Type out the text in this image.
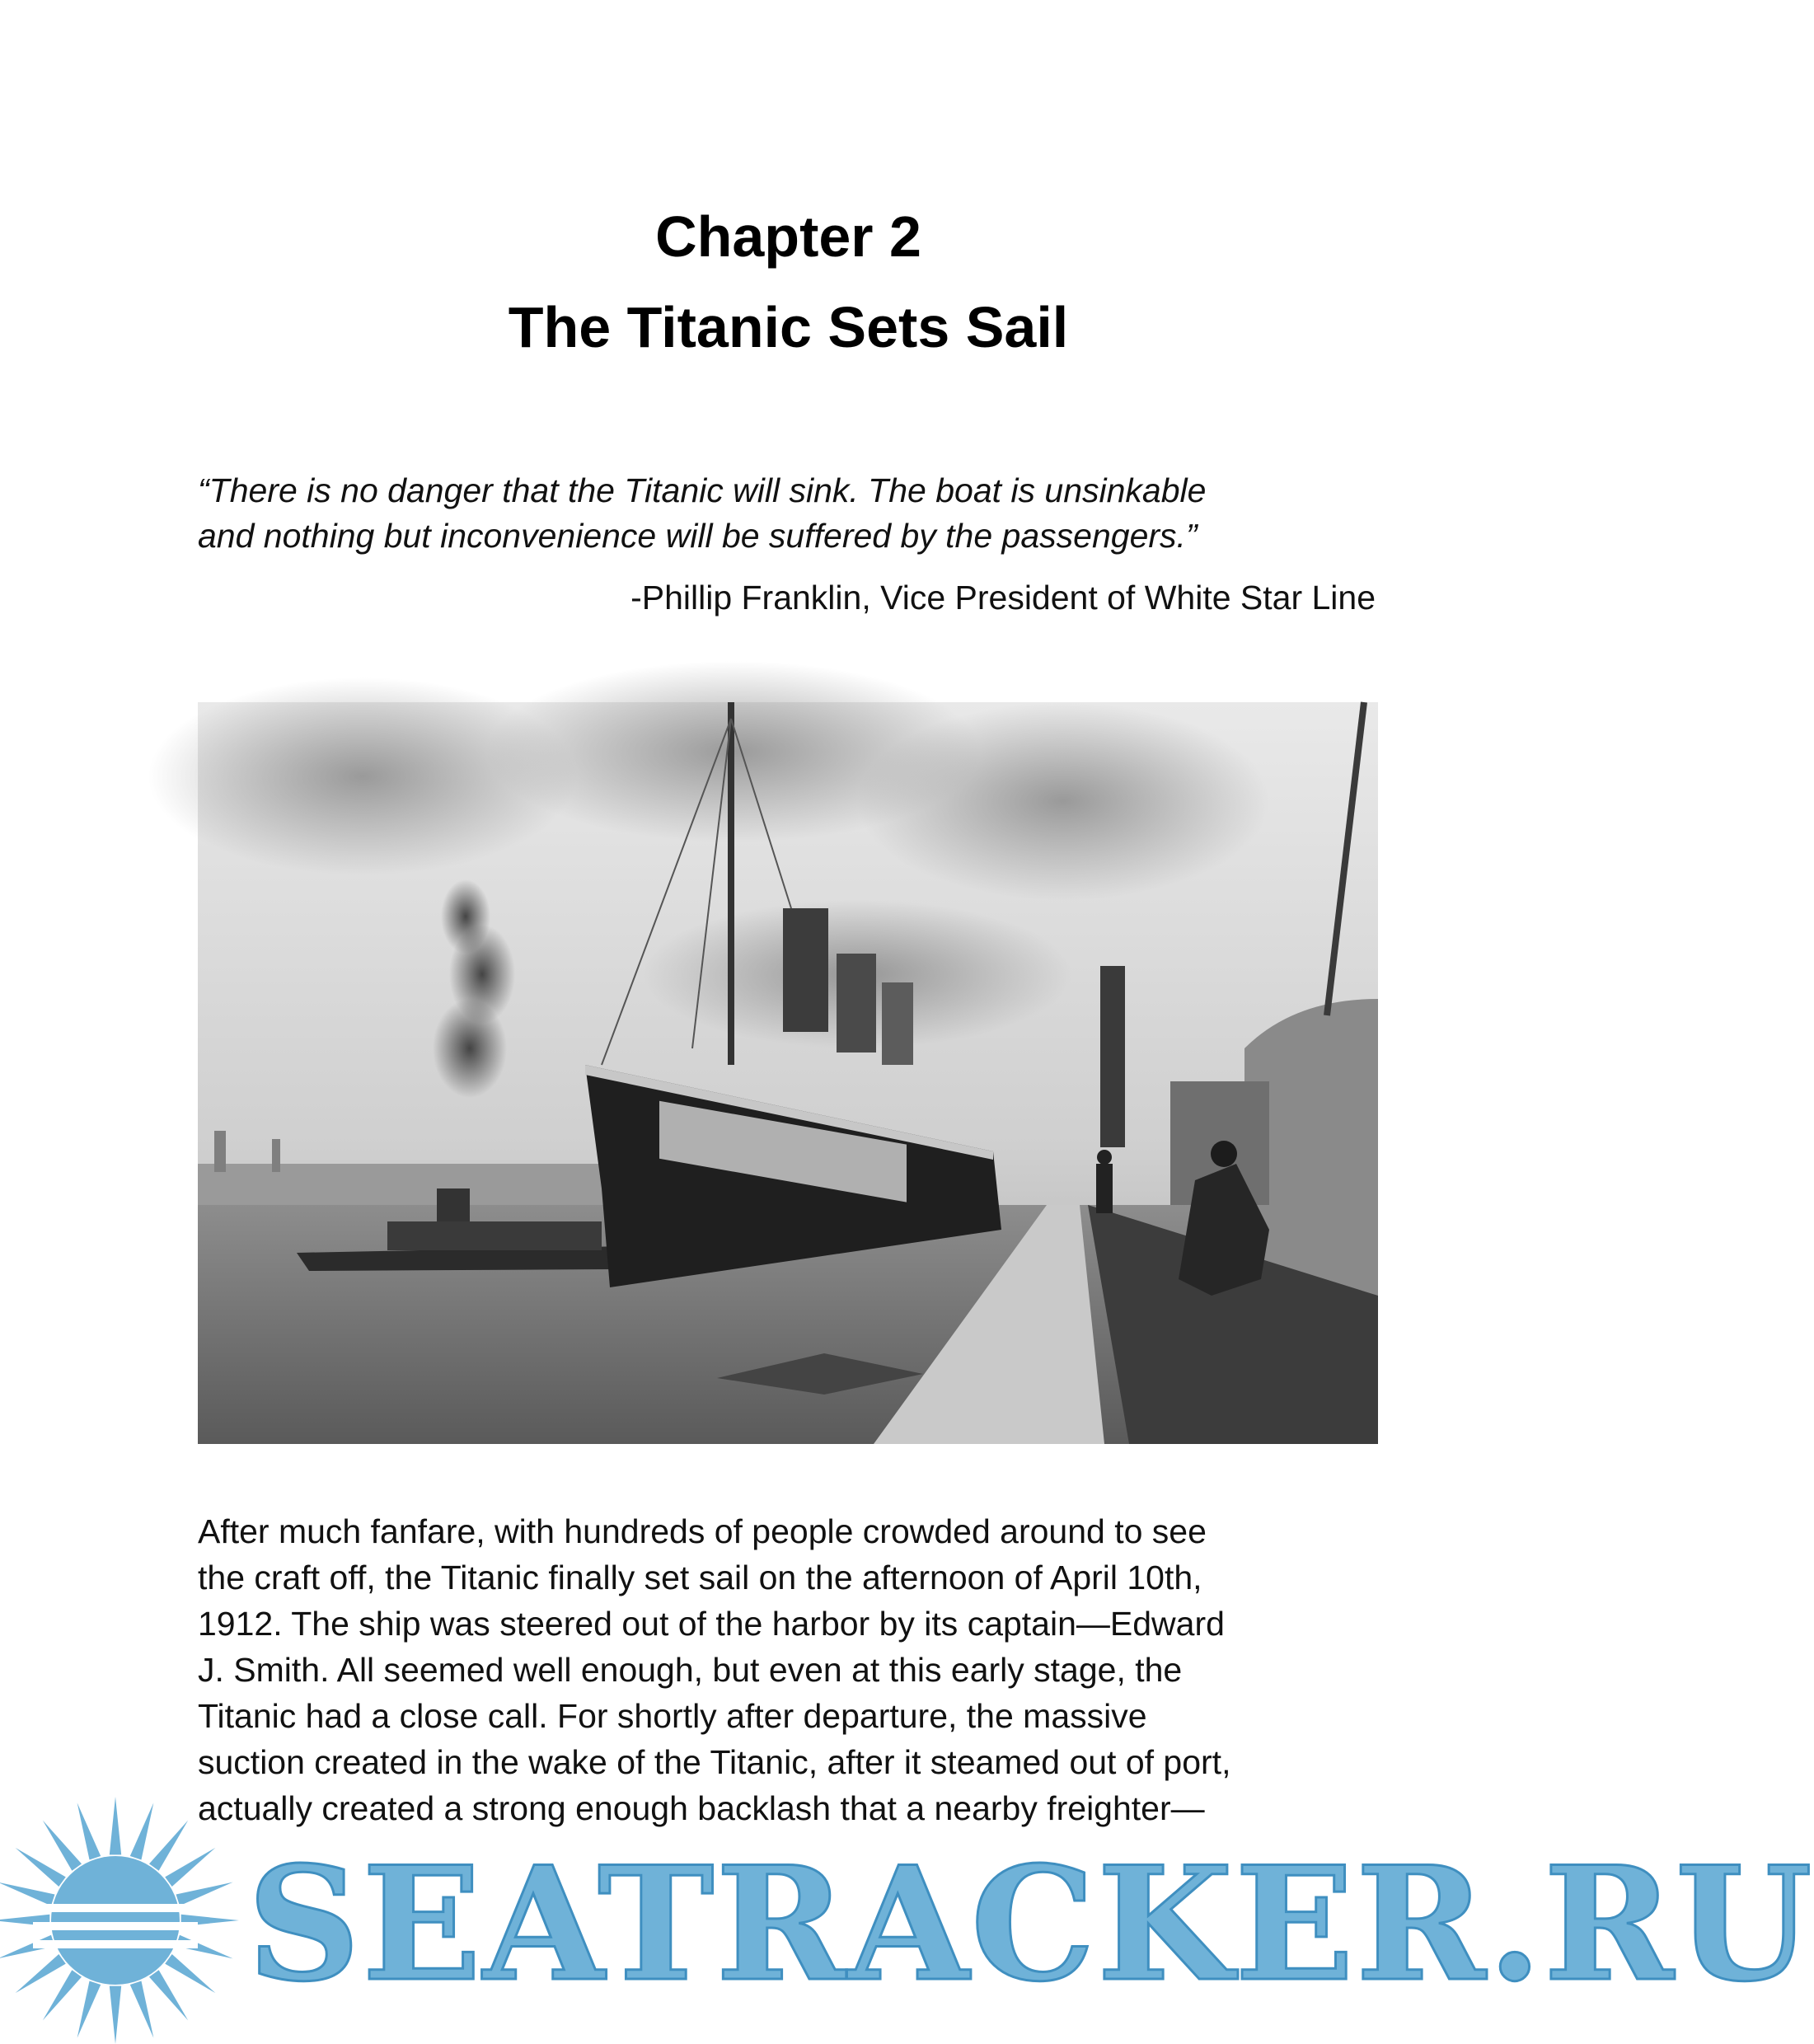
Chapter 2
The Titanic Sets Sail
“There is no danger that the Titanic will sink. The boat is unsinkable
and nothing but inconvenience will be suffered by the passengers.”
-Phillip Franklin, Vice President of White Star Line

After much fanfare, with hundreds of people crowded around to see

the craft off, the Titanic finally set sail on the afternoon of April 10th,

1912. The ship was steered out of the harbor by its captain—Edward

J. Smith. All seemed well enough, but even at this early stage, the

Titanic had a close call. For shortly after departure, the massive

suction created in the wake of the Titanic, after it steamed out of port,

actually created a strong enough backlash that a nearby freighter—

SEATRACKER.RU
